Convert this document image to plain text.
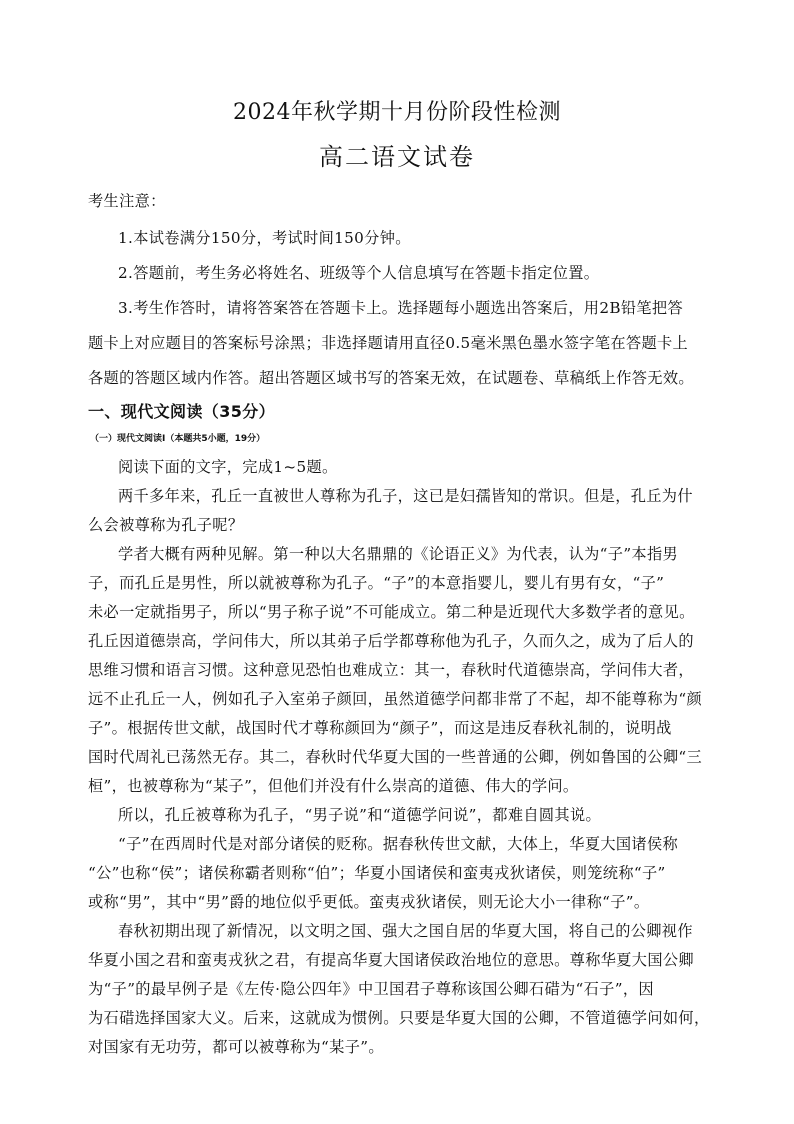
2024年秋学期十月份阶段性检测
高二语文试卷
考生注意：
1.本试卷满分150分，考试时间150分钟。
2.答题前，考生务必将姓名、班级等个人信息填写在答题卡指定位置。
3.考生作答时，请将答案答在答题卡上。选择题每小题选出答案后，用2B铅笔把答
题卡上对应题目的答案标号涂黑；非选择题请用直径0.5毫米黑色墨水签字笔在答题卡上
各题的答题区域内作答。超出答题区域书写的答案无效，在试题卷、草稿纸上作答无效。
一、现代文阅读（35分）
（一）现代文阅读Ⅰ（本题共5小题，19分）
阅读下面的文字，完成1~5题。
两千多年来，孔丘一直被世人尊称为孔子，这已是妇孺皆知的常识。但是，孔丘为什
么会被尊称为孔子呢？
学者大概有两种见解。第一种以大名鼎鼎的《论语正义》为代表，认为“子”本指男
子，而孔丘是男性，所以就被尊称为孔子。“子”的本意指婴儿，婴儿有男有女，“子”
未必一定就指男子，所以“男子称子说”不可能成立。第二种是近现代大多数学者的意见。
孔丘因道德崇高，学问伟大，所以其弟子后学都尊称他为孔子，久而久之，成为了后人的
思维习惯和语言习惯。这种意见恐怕也难成立：其一，春秋时代道德崇高，学问伟大者，
远不止孔丘一人，例如孔子入室弟子颜回，虽然道德学问都非常了不起，却不能尊称为“颜
子”。根据传世文献，战国时代才尊称颜回为“颜子”，而这是违反春秋礼制的，说明战
国时代周礼已荡然无存。其二，春秋时代华夏大国的一些普通的公卿，例如鲁国的公卿“三
桓”，也被尊称为“某子”，但他们并没有什么崇高的道德、伟大的学问。
所以，孔丘被尊称为孔子，“男子说”和“道德学问说”，都难自圆其说。
“子”在西周时代是对部分诸侯的贬称。据春秋传世文献，大体上，华夏大国诸侯称
“公”也称“侯”；诸侯称霸者则称“伯”；华夏小国诸侯和蛮夷戎狄诸侯，则笼统称“子”
或称“男”，其中“男”爵的地位似乎更低。蛮夷戎狄诸侯，则无论大小一律称“子”。
春秋初期出现了新情况，以文明之国、强大之国自居的华夏大国，将自己的公卿视作
华夏小国之君和蛮夷戎狄之君，有提高华夏大国诸侯政治地位的意思。尊称华夏大国公卿
为“子”的最早例子是《左传·隐公四年》中卫国君子尊称该国公卿石碏为“石子”，因
为石碏选择国家大义。后来，这就成为惯例。只要是华夏大国的公卿，不管道德学问如何，
对国家有无功劳，都可以被尊称为“某子”。
